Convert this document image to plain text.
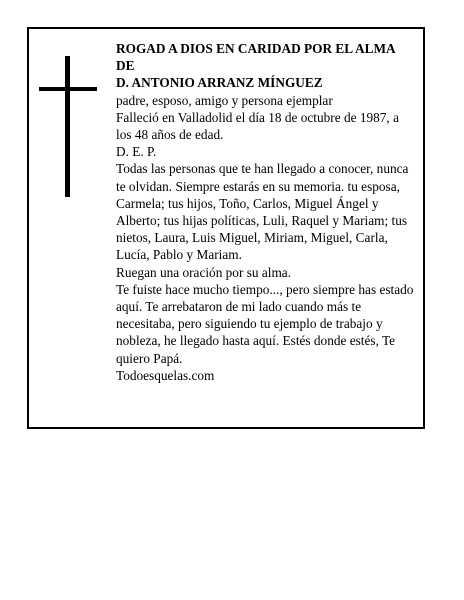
ROGAD A DIOS EN CARIDAD POR EL ALMA
DE
D. ANTONIO ARRANZ MÍNGUEZ
padre, esposo, amigo y persona ejemplar
Falleció en Valladolid el día 18 de octubre de 1987, a los 48 años de edad.
D. E. P.
Todas las personas que te han llegado a conocer, nunca te olvidan. Siempre estarás en su memoria. tu esposa, Carmela; tus hijos, Toño, Carlos, Miguel Ángel y Alberto; tus hijas políticas, Luli, Raquel y Mariam; tus nietos, Laura, Luis Miguel, Miriam, Miguel, Carla, Lucía, Pablo y Mariam.
Ruegan una oración por su alma.
Te fuiste hace mucho tiempo..., pero siempre has estado aquí. Te arrebataron de mi lado cuando más te necesitaba, pero siguiendo tu ejemplo de trabajo y nobleza, he llegado hasta aquí. Estés donde estés, Te quiero Papá.
Todoesquelas.com
